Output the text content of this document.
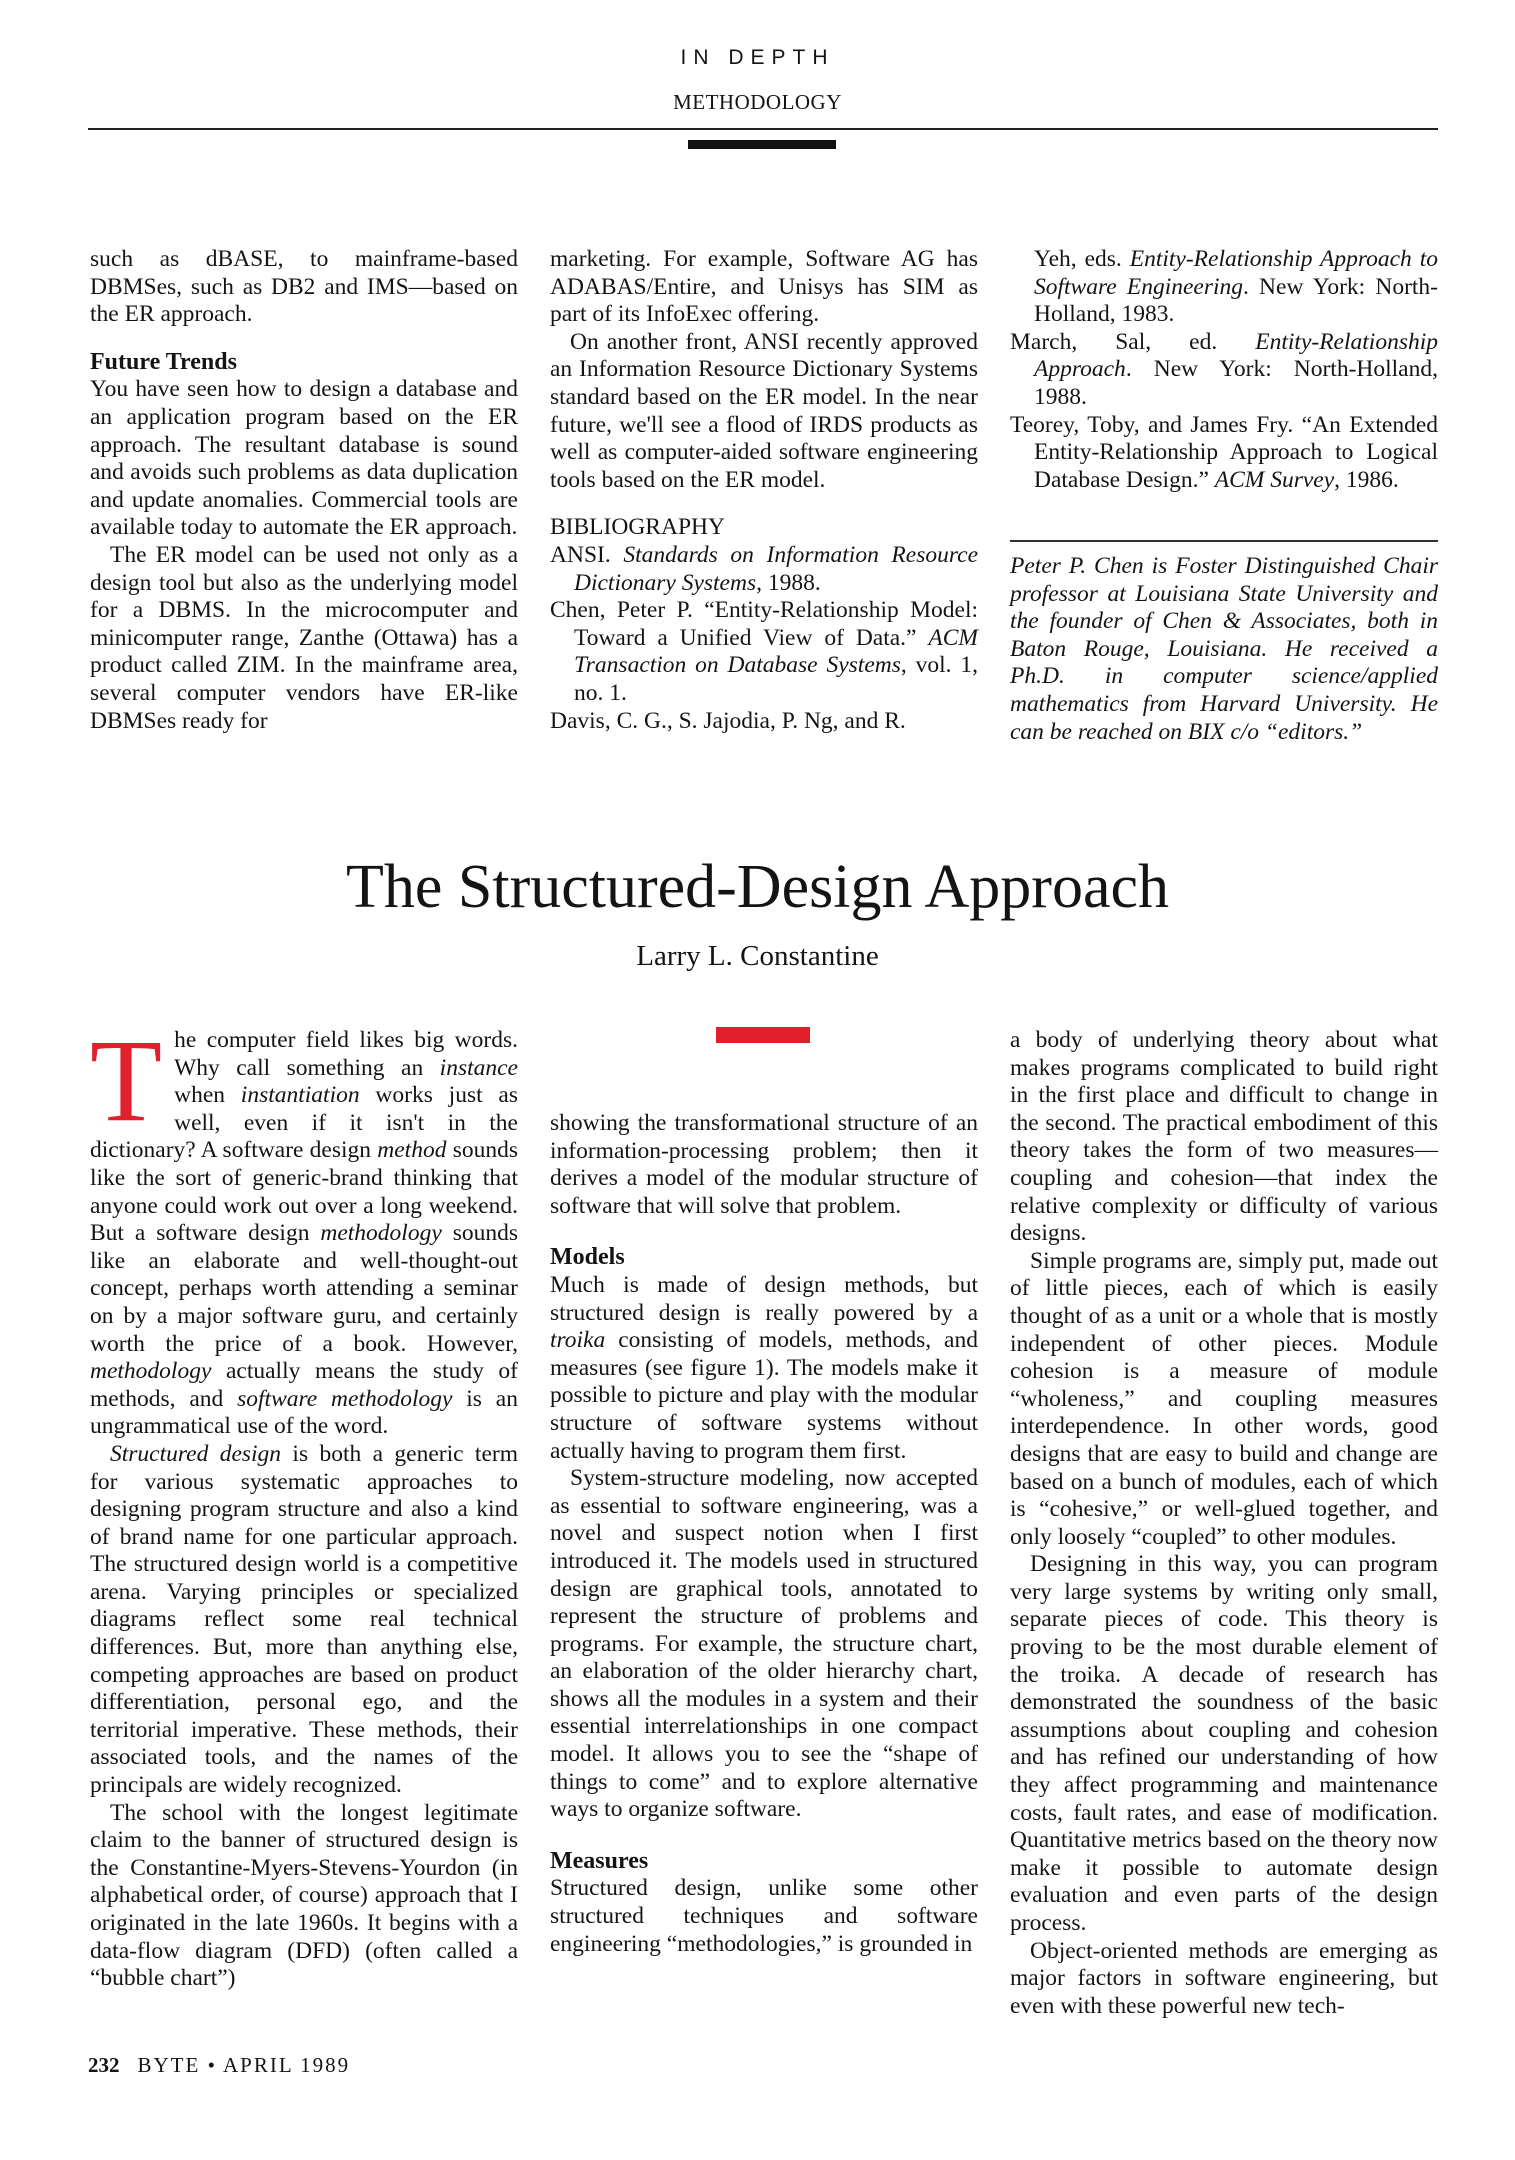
IN DEPTH
METHODOLOGY

such as dBASE, to mainframe-based DBMSes, such as DB2 and IMS—based on the ER approach.

Future Trends

You have seen how to design a database and an application program based on the ER approach. The resultant database is sound and avoids such problems as data duplication and update anomalies. Commercial tools are available today to automate the ER approach.

The ER model can be used not only as a design tool but also as the underlying model for a DBMS. In the microcomputer and minicomputer range, Zanthe (Ottawa) has a product called ZIM. In the mainframe area, several computer vendors have ER-like DBMSes ready for

marketing. For example, Software AG has ADABAS/Entire, and Unisys has SIM as part of its InfoExec offering.

On another front, ANSI recently approved an Information Resource Dictionary Systems standard based on the ER model. In the near future, we'll see a flood of IRDS products as well as computer-aided software engineering tools based on the ER model.

BIBLIOGRAPHY

ANSI. Standards on Information Resource Dictionary Systems, 1988.

Chen, Peter P. “Entity-Relationship Model: Toward a Unified View of Data.” ACM Transaction on Database Systems, vol. 1, no. 1.

Davis, C. G., S. Jajodia, P. Ng, and R.

Yeh, eds. Entity-Relationship Approach to Software Engineering. New York: North-Holland, 1983.

March, Sal, ed. Entity-Relationship Approach. New York: North-Holland, 1988.

Teorey, Toby, and James Fry. “An Extended Entity-Relationship Approach to Logical Database Design.” ACM Survey, 1986.

Peter P. Chen is Foster Distinguished Chair professor at Louisiana State University and the founder of Chen & Associates, both in Baton Rouge, Louisiana. He received a Ph.D. in computer science/applied mathematics from Harvard University. He can be reached on BIX c/o “editors.”

The Structured-Design Approach

Larry L. Constantine

The computer field likes big words. Why call something an instance when instantiation works just as well, even if it isn't in the dictionary? A software design method sounds like the sort of generic-brand thinking that anyone could work out over a long weekend. But a software design methodology sounds like an elaborate and well-thought-out concept, perhaps worth attending a seminar on by a major software guru, and certainly worth the price of a book. However, methodology actually means the study of methods, and software methodology is an ungrammatical use of the word.

Structured design is both a generic term for various systematic approaches to designing program structure and also a kind of brand name for one particular approach. The structured design world is a competitive arena. Varying principles or specialized diagrams reflect some real technical differences. But, more than anything else, competing approaches are based on product differentiation, personal ego, and the territorial imperative. These methods, their associated tools, and the names of the principals are widely recognized.

The school with the longest legitimate claim to the banner of structured design is the Constantine-Myers-Stevens-Yourdon (in alphabetical order, of course) approach that I originated in the late 1960s. It begins with a data-flow diagram (DFD) (often called a “bubble chart”)

showing the transformational structure of an information-processing problem; then it derives a model of the modular structure of software that will solve that problem.

Models

Much is made of design methods, but structured design is really powered by a troika consisting of models, methods, and measures (see figure 1). The models make it possible to picture and play with the modular structure of software systems without actually having to program them first.

System-structure modeling, now accepted as essential to software engineering, was a novel and suspect notion when I first introduced it. The models used in structured design are graphical tools, annotated to represent the structure of problems and programs. For example, the structure chart, an elaboration of the older hierarchy chart, shows all the modules in a system and their essential interrelationships in one compact model. It allows you to see the “shape of things to come” and to explore alternative ways to organize software.

Measures

Structured design, unlike some other structured techniques and software engineering “methodologies,” is grounded in

a body of underlying theory about what makes programs complicated to build right in the first place and difficult to change in the second. The practical embodiment of this theory takes the form of two measures—coupling and cohesion—that index the relative complexity or difficulty of various designs.

Simple programs are, simply put, made out of little pieces, each of which is easily thought of as a unit or a whole that is mostly independent of other pieces. Module cohesion is a measure of module “wholeness,” and coupling measures interdependence. In other words, good designs that are easy to build and change are based on a bunch of modules, each of which is “cohesive,” or well-glued together, and only loosely “coupled” to other modules.

Designing in this way, you can program very large systems by writing only small, separate pieces of code. This theory is proving to be the most durable element of the troika. A decade of research has demonstrated the soundness of the basic assumptions about coupling and cohesion and has refined our understanding of how they affect programming and maintenance costs, fault rates, and ease of modification. Quantitative metrics based on the theory now make it possible to automate design evaluation and even parts of the design process.

Object-oriented methods are emerging as major factors in software engineering, but even with these powerful new tech-

232 BYTE • APRIL 1989
